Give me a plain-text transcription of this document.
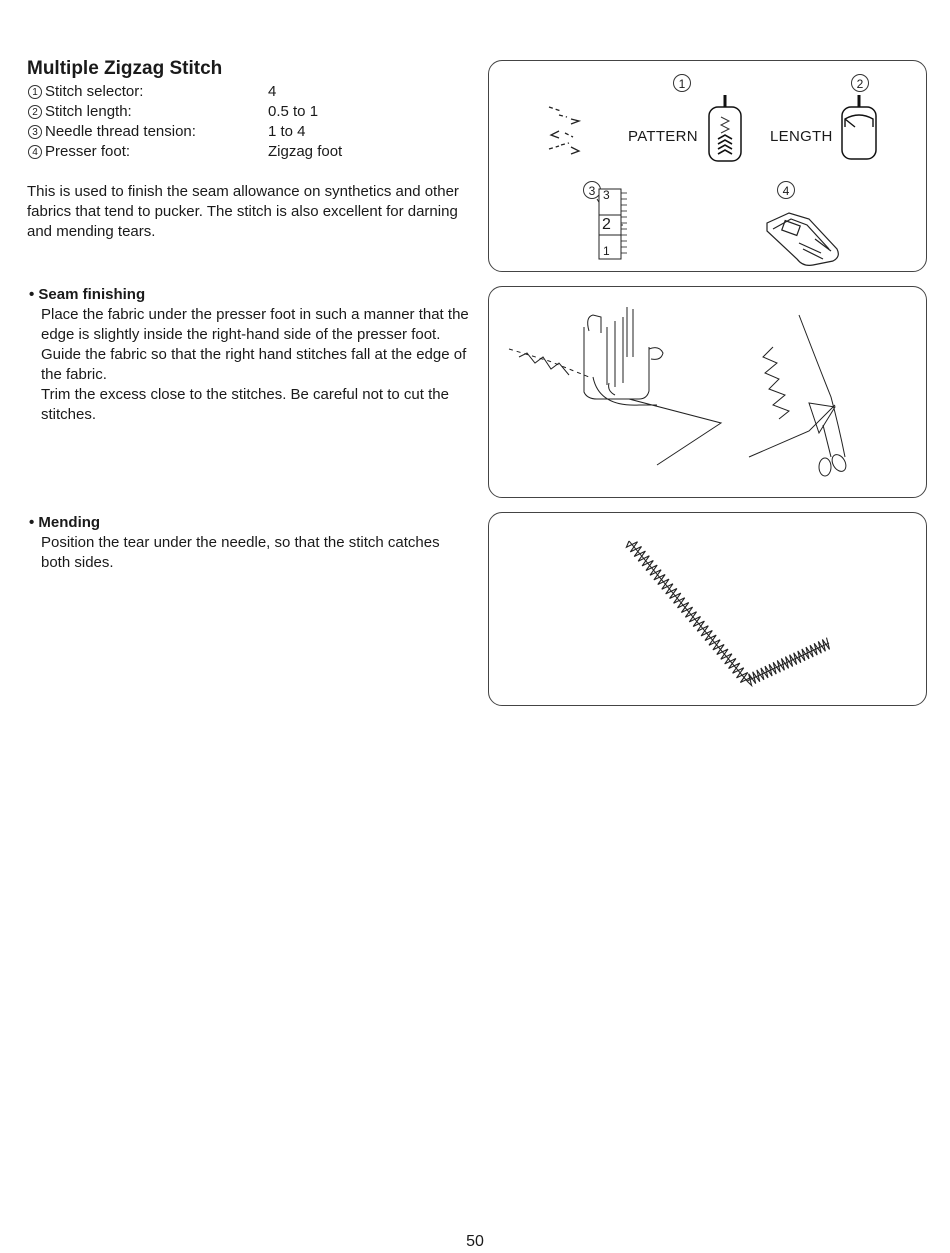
Multiple Zigzag Stitch
1 Stitch selector:	4
2 Stitch length:	0.5 to 1
3 Needle thread tension:	1 to 4
4 Presser foot:	Zigzag foot
This is used to finish the seam allowance on synthetics and other fabrics that tend to pucker. The stitch is also excellent for darning and mending tears.
• Seam finishing
Place the fabric under the presser foot in such a manner that the edge is slightly inside the right-hand side of the presser foot. Guide the fabric so that the right hand stitches fall at the edge of the fabric.
Trim the excess close to the stitches. Be careful not to cut the stitches.
• Mending
Position the tear under the needle, so that the stitch catches both sides.
1	2
3	4
PATTERN	LENGTH
3
2
1
50
